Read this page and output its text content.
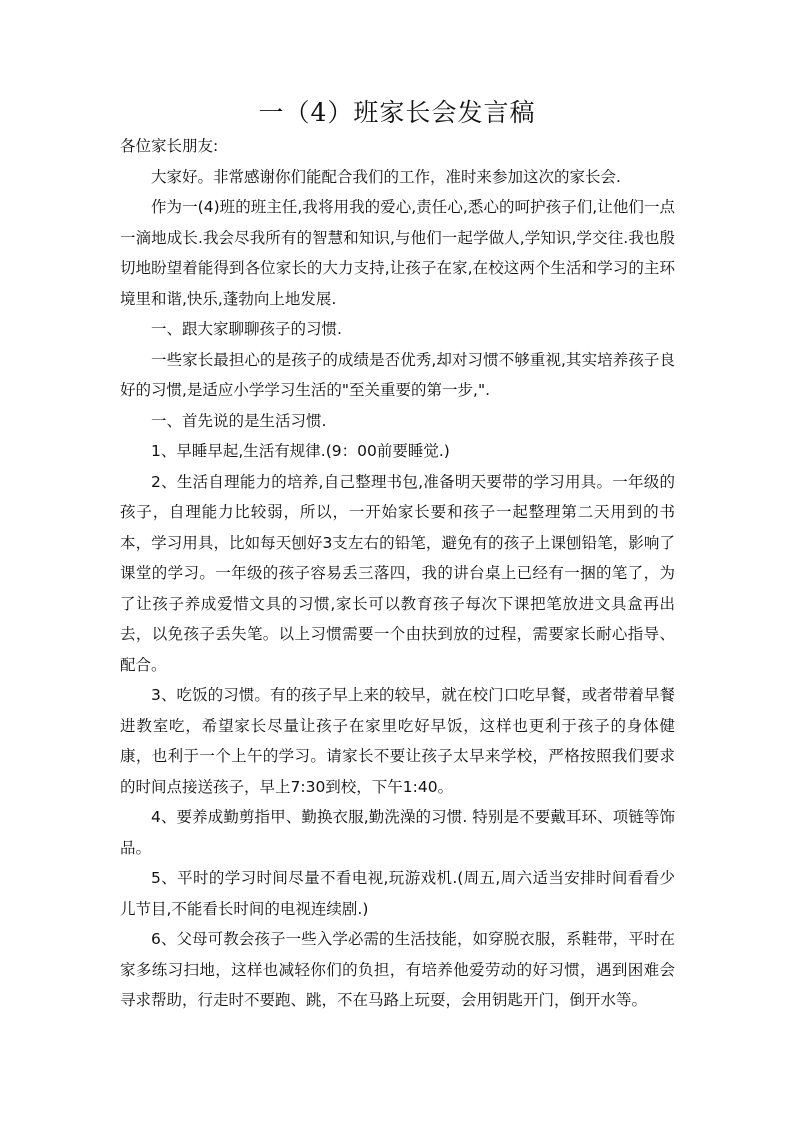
一（4）班家长会发言稿

各位家长朋友:

大家好。非常感谢你们能配合我们的工作，准时来参加这次的家长会.

作为一(4)班的班主任,我将用我的爱心,责任心,悉心的呵护孩子们,让他们一点一滴地成长.我会尽我所有的智慧和知识,与他们一起学做人,学知识,学交往.我也殷切地盼望着能得到各位家长的大力支持,让孩子在家,在校这两个生活和学习的主环境里和谐,快乐,蓬勃向上地发展.

一、跟大家聊聊孩子的习惯.

一些家长最担心的是孩子的成绩是否优秀,却对习惯不够重视,其实培养孩子良好的习惯,是适应小学学习生活的"至关重要的第一步,".

一、首先说的是生活习惯.

1、早睡早起,生活有规律.(9：00前要睡觉.)

2、生活自理能力的培养,自己整理书包,准备明天要带的学习用具。一年级的孩子，自理能力比较弱，所以，一开始家长要和孩子一起整理第二天用到的书本，学习用具，比如每天刨好3支左右的铅笔，避免有的孩子上课刨铅笔，影响了课堂的学习。一年级的孩子容易丢三落四，我的讲台桌上已经有一捆的笔了，为了让孩子养成爱惜文具的习惯,家长可以教育孩子每次下课把笔放进文具盒再出去，以免孩子丢失笔。以上习惯需要一个由扶到放的过程，需要家长耐心指导、配合。

3、吃饭的习惯。有的孩子早上来的较早，就在校门口吃早餐，或者带着早餐进教室吃，希望家长尽量让孩子在家里吃好早饭，这样也更利于孩子的身体健康，也利于一个上午的学习。请家长不要让孩子太早来学校，严格按照我们要求的时间点接送孩子，早上7:30到校，下午1:40。

4、要养成勤剪指甲、勤换衣服,勤洗澡的习惯. 特别是不要戴耳环、项链等饰品。

5、平时的学习时间尽量不看电视,玩游戏机.(周五,周六适当安排时间看看少儿节目,不能看长时间的电视连续剧.)

6、父母可教会孩子一些入学必需的生活技能，如穿脱衣服，系鞋带，平时在家多练习扫地，这样也减轻你们的负担，有培养他爱劳动的好习惯，遇到困难会寻求帮助，行走时不要跑、跳，不在马路上玩耍，会用钥匙开门，倒开水等。
